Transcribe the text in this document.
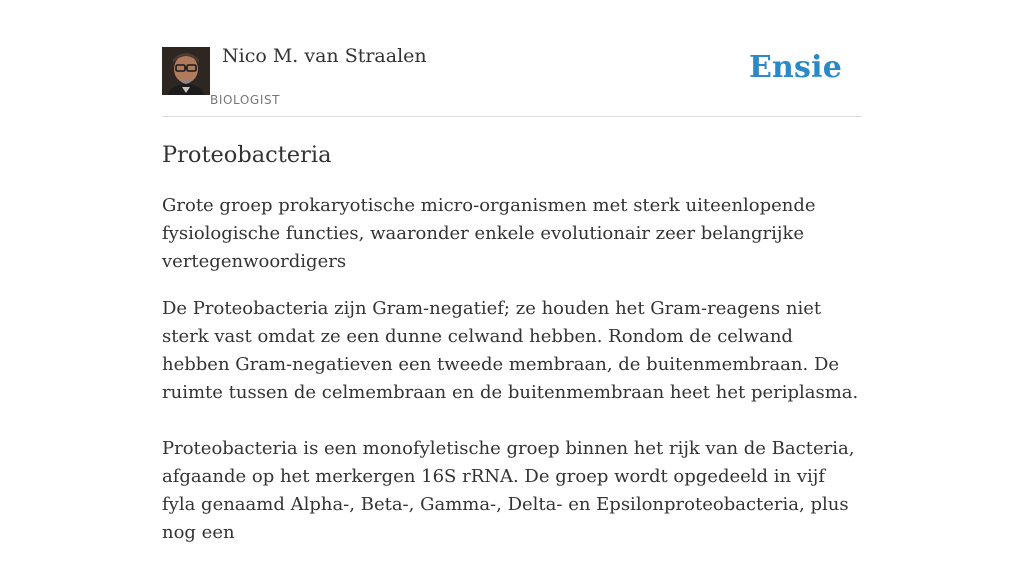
Nico M. van Straalen
BIOLOGIST
Ensie
Proteobacteria

Grote groep prokaryotische micro-organismen met sterk uiteenlopende fysiologische functies, waaronder enkele evolutionair zeer belangrijke vertegenwoordigers

De Proteobacteria zijn Gram-negatief; ze houden het Gram-reagens niet sterk vast omdat ze een dunne celwand hebben. Rondom de celwand hebben Gram-negatieven een tweede membraan, de buitenmembraan. De ruimte tussen de celmembraan en de buitenmembraan heet het periplasma.

Proteobacteria is een monofyletische groep binnen het rijk van de Bacteria, afgaande op het merkergen 16S rRNA. De groep wordt opgedeeld in vijf fyla genaamd Alpha-, Beta-, Gamma-, Delta- en Epsilonproteobacteria, plus nog een
